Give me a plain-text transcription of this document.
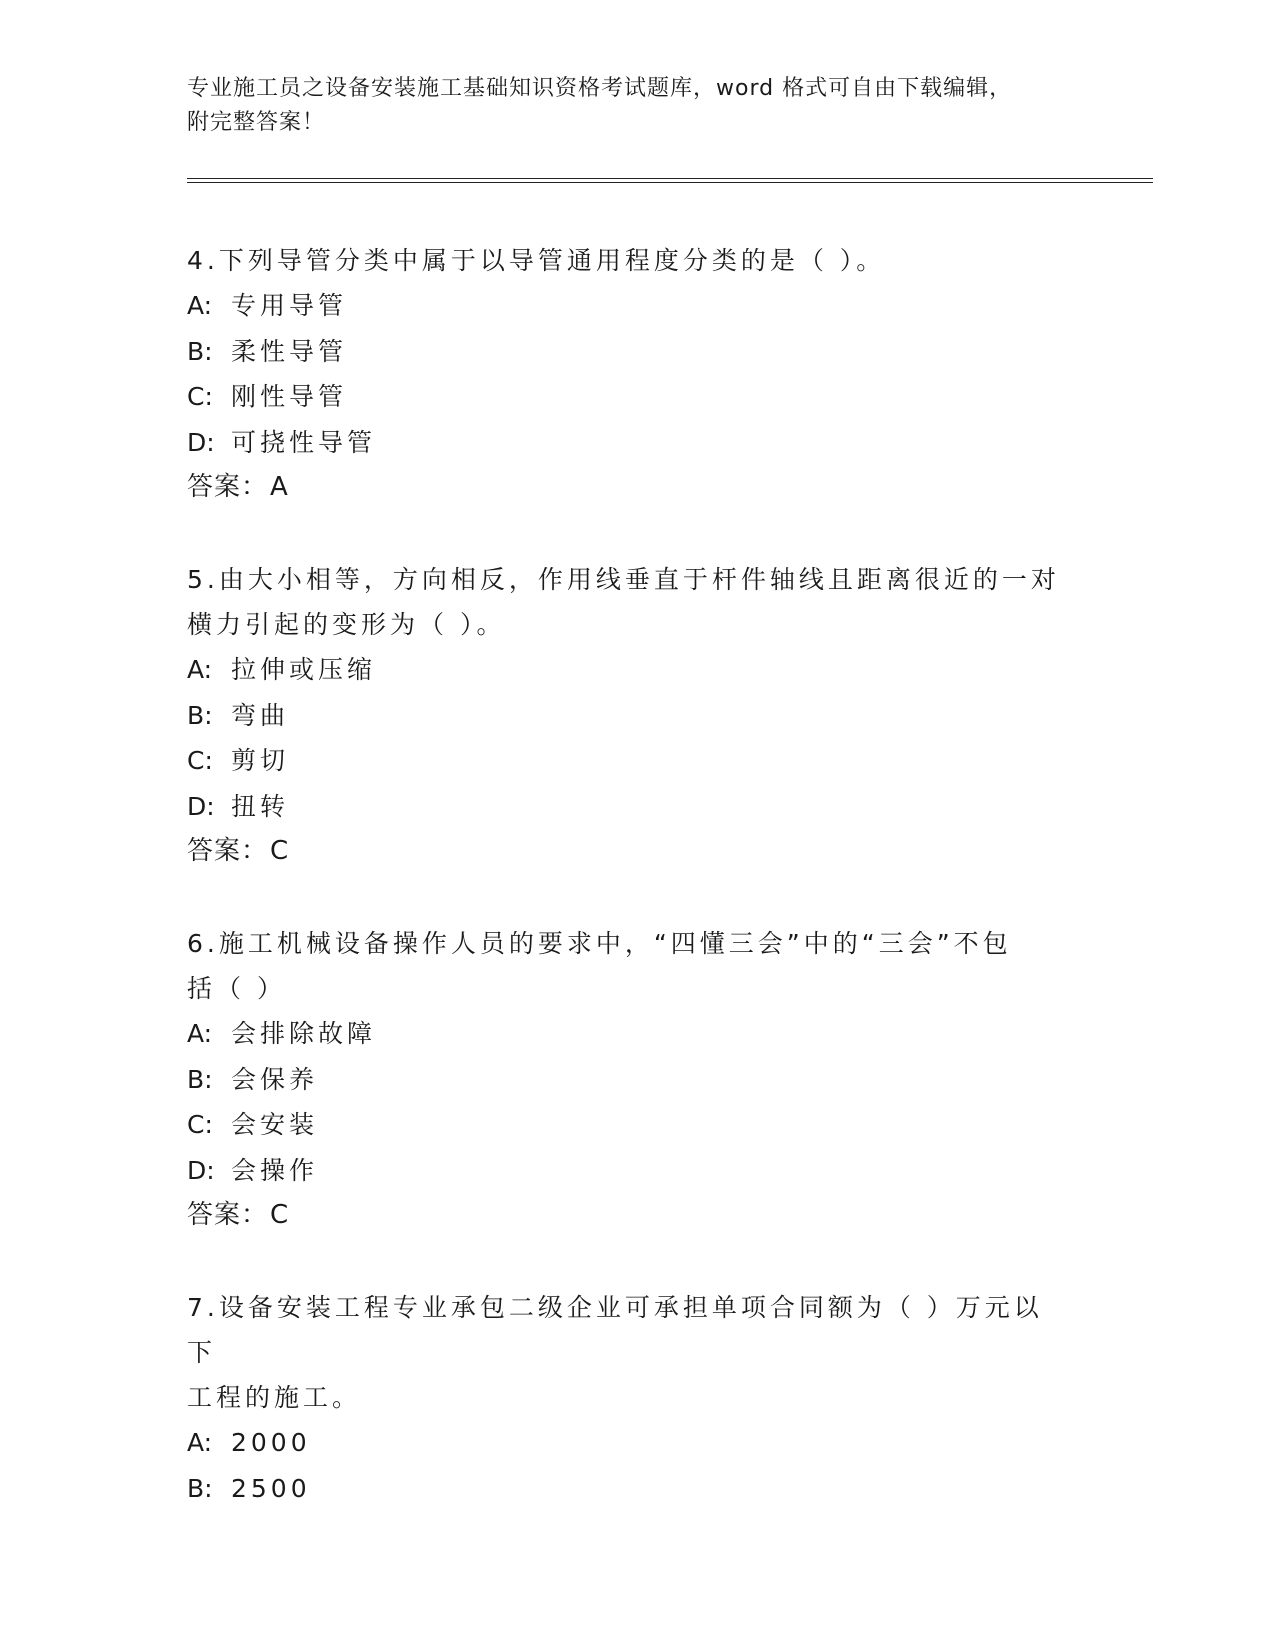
专业施工员之设备安装施工基础知识资格考试题库，word 格式可自由下载编辑，
附完整答案！

4.下列导管分类中属于以导管通用程度分类的是（ ）。

A: 专用导管
B: 柔性导管
C: 刚性导管
D: 可挠性导管

答案：A

5.由大小相等，方向相反，作用线垂直于杆件轴线且距离很近的一对

横力引起的变形为（ ）。

A: 拉伸或压缩
B: 弯曲
C: 剪切
D: 扭转

答案：C

6.施工机械设备操作人员的要求中，“四懂三会”中的“三会”不包

括（ ）

A: 会排除故障
B: 会保养
C: 会安装
D: 会操作

答案：C

7.设备安装工程专业承包二级企业可承担单项合同额为（ ）万元以下

工程的施工。

A: 2000
B: 2500
